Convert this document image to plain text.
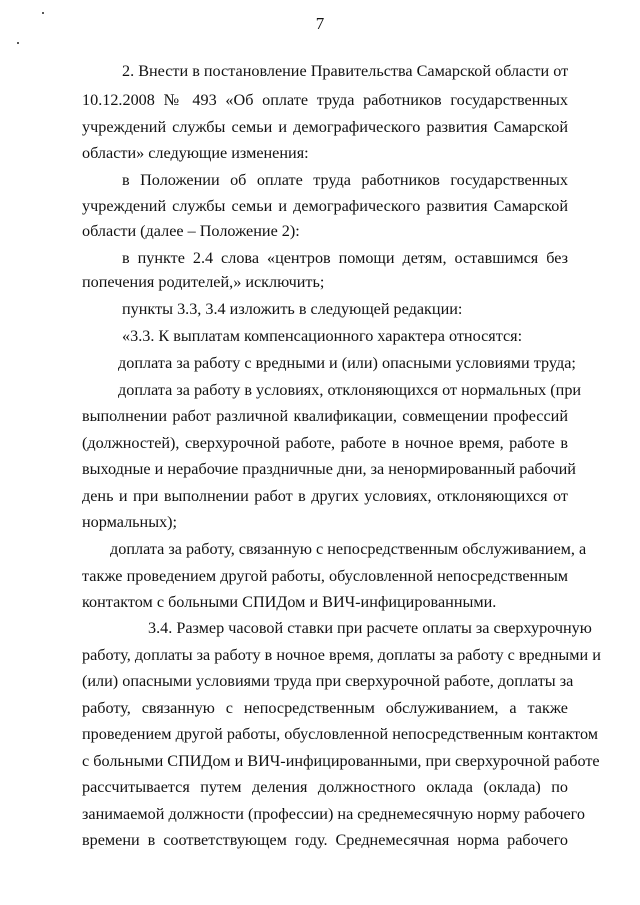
7
2. Внести в постановление Правительства Самарской области от
10.12.2008 № 493 «Об оплате труда работников государственных
учреждений службы семьи и демографического развития Самарской
области» следующие изменения:
в Положении об оплате труда работников государственных
учреждений службы семьи и демографического развития Самарской
области (далее – Положение 2):
в пункте 2.4 слова «центров помощи детям, оставшимся без
попечения родителей,» исключить;
пункты 3.3, 3.4 изложить в следующей редакции:
«3.3. К выплатам компенсационного характера относятся:
доплата за работу с вредными и (или) опасными условиями труда;
доплата за работу в условиях, отклоняющихся от нормальных (при
выполнении работ различной квалификации, совмещении профессий
(должностей), сверхурочной работе, работе в ночное время, работе в
выходные и нерабочие праздничные дни, за ненормированный рабочий
день и при выполнении работ в других условиях, отклоняющихся от
нормальных);
доплата за работу, связанную с непосредственным обслуживанием, а
также проведением другой работы, обусловленной непосредственным
контактом с больными СПИДом и ВИЧ-инфицированными.
3.4. Размер часовой ставки при расчете оплаты за сверхурочную
работу, доплаты за работу в ночное время, доплаты за работу с вредными и
(или) опасными условиями труда при сверхурочной работе, доплаты за
работу, связанную с непосредственным обслуживанием, а также
проведением другой работы, обусловленной непосредственным контактом
с больными СПИДом и ВИЧ-инфицированными, при сверхурочной работе
рассчитывается путем деления должностного оклада (оклада) по
занимаемой должности (профессии) на среднемесячную норму рабочего
времени в соответствующем году. Среднемесячная норма рабочего
